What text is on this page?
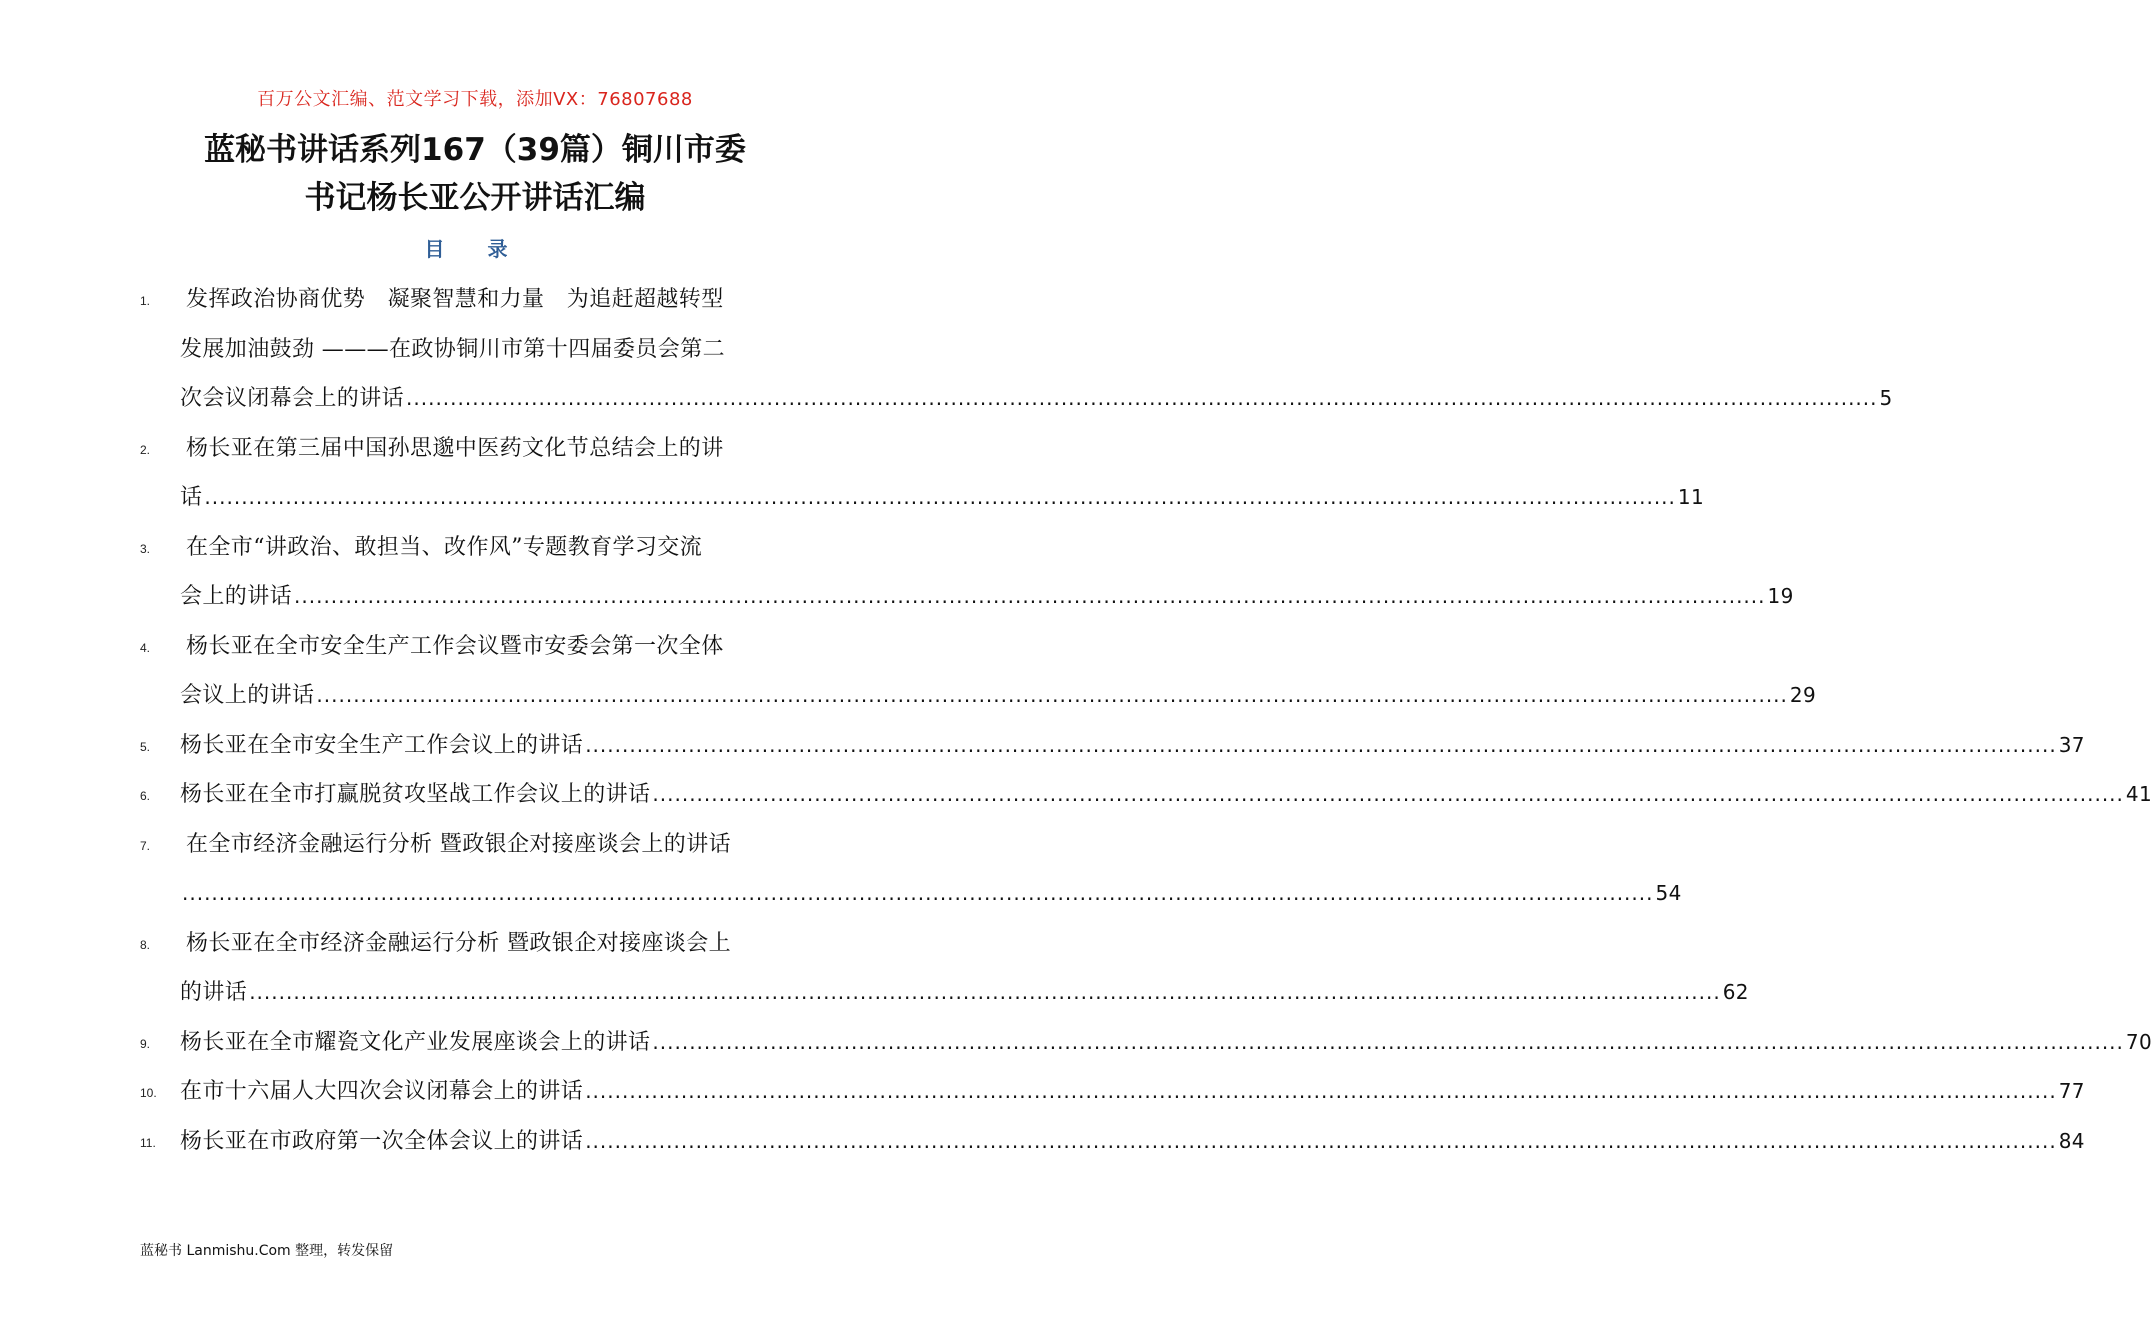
百万公文汇编、范文学习下载，添加VX：76807688
蓝秘书讲话系列167（39篇）铜川市委
书记杨长亚公开讲话汇编
目 录
1.	发挥政治协商优势　凝聚智慧和力量　为追赶超越转型
发展加油鼓劲 ———在政协铜川市第十四届委员会第二
次会议闭幕会上的讲话 ........................................................................................................................................................................................................ 5
2.	杨长亚在第三届中国孙思邈中医药文化节总结会上的讲
话 ........................................................................................................................................................................................................ 11
3.	在全市“讲政治、敢担当、改作风”专题教育学习交流
会上的讲话 ........................................................................................................................................................................................................ 19
4.	杨长亚在全市安全生产工作会议暨市安委会第一次全体
会议上的讲话 ........................................................................................................................................................................................................ 29
5.	杨长亚在全市安全生产工作会议上的讲话 ........................................................................................................................................................................................................ 37
6.	杨长亚在全市打赢脱贫攻坚战工作会议上的讲话 ........................................................................................................................................................................................................ 41
7.	在全市经济金融运行分析 暨政银企对接座谈会上的讲话
........................................................................................................................................................................................................ 54
8.	杨长亚在全市经济金融运行分析 暨政银企对接座谈会上
的讲话 ........................................................................................................................................................................................................ 62
9.	杨长亚在全市耀瓷文化产业发展座谈会上的讲话 ........................................................................................................................................................................................................ 70
10.	在市十六届人大四次会议闭幕会上的讲话 ........................................................................................................................................................................................................ 77
11.	杨长亚在市政府第一次全体会议上的讲话 ........................................................................................................................................................................................................ 84
蓝秘书 Lanmishu.Com 整理，转发保留
